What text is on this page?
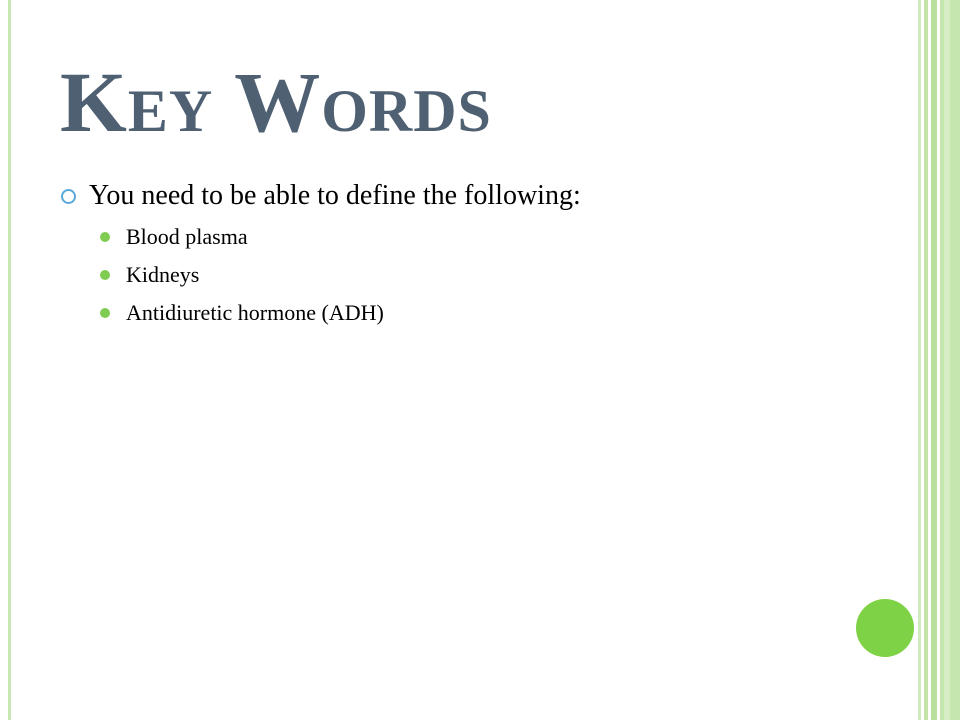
Key Words
You need to be able to define the following:
Blood plasma
Kidneys
Antidiuretic hormone (ADH)
